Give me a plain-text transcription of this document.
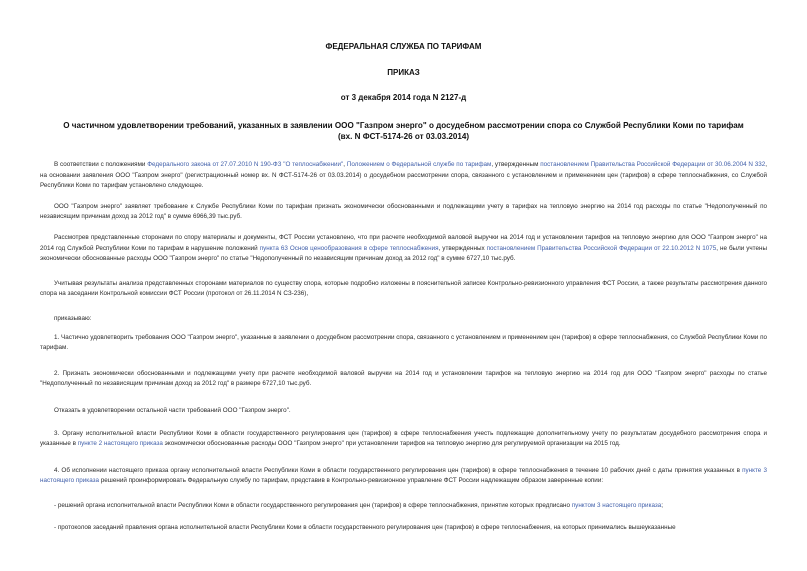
ФЕДЕРАЛЬНАЯ СЛУЖБА ПО ТАРИФАМ

ПРИКАЗ

от 3 декабря 2014 года N 2127-д

О частичном удовлетворении требований, указанных в заявлении ООО "Газпром энерго" о досудебном рассмотрении спора со Службой Республики Коми по тарифам
(вх. N ФСТ-5174-26 от 03.03.2014)

В соответствии с положениями Федерального закона от 27.07.2010 N 190-ФЗ "О теплоснабжении", Положением о Федеральной службе по тарифам, утвержденным постановлением Правительства Российской Федерации от 30.06.2004 N 332, на основании заявления ООО "Газпром энерго" (регистрационный номер вх. N ФСТ-5174-26 от 03.03.2014) о досудебном рассмотрении спора, связанного с установлением и применением цен (тарифов) в сфере теплоснабжения, со Службой Республики Коми по тарифам установлено следующее.

ООО "Газпром энерго" заявляет требование к Службе Республики Коми по тарифам признать экономически обоснованными и подлежащими учету в тарифах на тепловую энергию на 2014 год расходы по статье "Недополученный по независящим причинам доход за 2012 год" в сумме 6966,39 тыс.руб.

Рассмотрев представленные сторонами по спору материалы и документы, ФСТ России установлено, что при расчете необходимой валовой выручки на 2014 год и установлении тарифов на тепловую энергию для ООО "Газпром энерго" на 2014 год Службой Республики Коми по тарифам в нарушение положений пункта 63 Основ ценообразования в сфере теплоснабжения, утвержденных постановлением Правительства Российской Федерации от 22.10.2012 N 1075, не были учтены экономически обоснованные расходы ООО "Газпром энерго" по статье "Недополученный по независящим причинам доход за 2012 год" в сумме 6727,10 тыс.руб.

Учитывая результаты анализа представленных сторонами материалов по существу спора, которые подробно изложены в пояснительной записке Контрольно-ревизионного управления ФСТ России, а также результаты рассмотрения данного спора на заседании Контрольной комиссии ФСТ России (протокол от 26.11.2014 N СЗ-236),

приказываю:

1. Частично удовлетворить требования ООО "Газпром энерго", указанные в заявлении о досудебном рассмотрении спора, связанного с установлением и применением цен (тарифов) в сфере теплоснабжения, со Службой Республики Коми по тарифам.

2. Признать экономически обоснованными и подлежащими учету при расчете необходимой валовой выручки на 2014 год и установлении тарифов на тепловую энергию на 2014 год для ООО "Газпром энерго" расходы по статье "Недополученный по независящим причинам доход за 2012 год" в размере 6727,10 тыс.руб.

Отказать в удовлетворении остальной части требований ООО "Газпром энерго".

3. Органу исполнительной власти Республики Коми в области государственного регулирования цен (тарифов) в сфере теплоснабжения учесть подлежащие дополнительному учету по результатам досудебного рассмотрения спора и указанные в пункте 2 настоящего приказа экономически обоснованные расходы ООО "Газпром энерго" при установлении тарифов на тепловую энергию для регулируемой организации на 2015 год.

4. Об исполнении настоящего приказа органу исполнительной власти Республики Коми в области государственного регулирования цен (тарифов) в сфере теплоснабжения в течение 10 рабочих дней с даты принятия указанных в пункте 3 настоящего приказа решений проинформировать Федеральную службу по тарифам, представив в Контрольно-ревизионное управление ФСТ России надлежащим образом заверенные копии:

- решений органа исполнительной власти Республики Коми в области государственного регулирования цен (тарифов) в сфере теплоснабжения, принятие которых предписано пунктом 3 настоящего приказа;

- протоколов заседаний правления органа исполнительной власти Республики Коми в области государственного регулирования цен (тарифов) в сфере теплоснабжения, на которых принимались вышеуказанные
